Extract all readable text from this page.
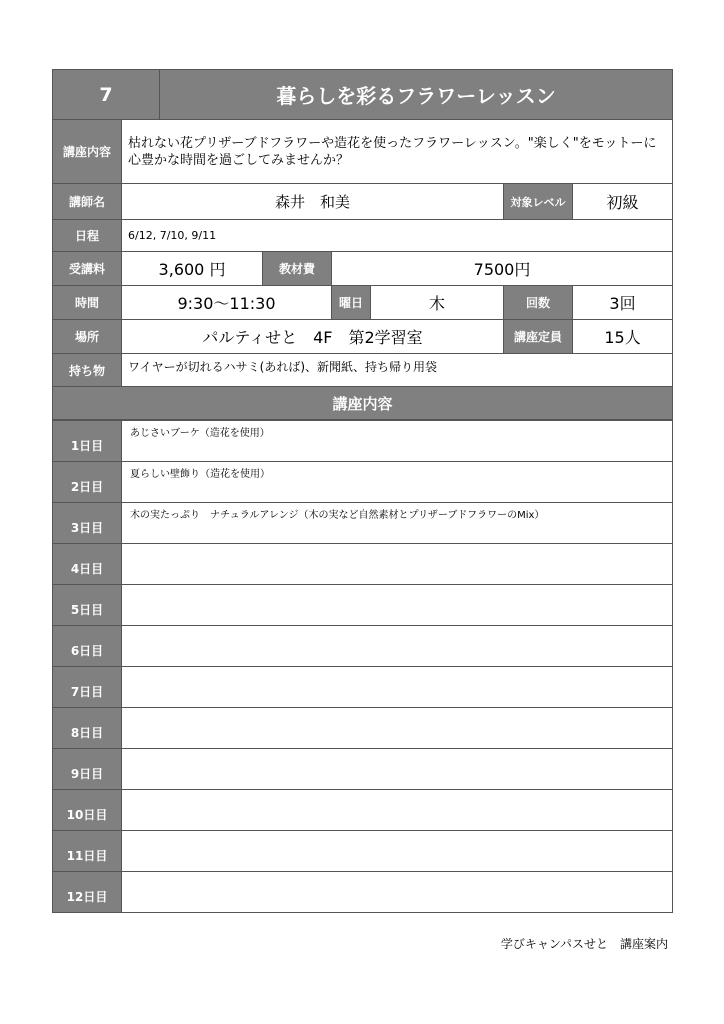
7		暮らしを彩るフラワーレッスン					
講座内容	枯れない花プリザーブドフラワーや造花を使ったフラワーレッスン。"楽しく"をモットーに心豊かな時間を過ごしてみませんか？						
講師名	森井　和美					対象レベル	初級
日程	6/12, 7/10, 9/11						
受講料	3,600 円		教材費	7500円			
時間	9:30〜11:30			曜日	木	回数	3回
場所	パルティせと　4F　第2学習室					講座定員	15人
持ち物	ワイヤーが切れるハサミ(あれば)、新聞紙、持ち帰り用袋						
講座内容							
1日目	あじさいブーケ（造花を使用）
2日目	夏らしい壁飾り（造花を使用）
3日目	木の実たっぷり　ナチュラルアレンジ（木の実など自然素材とプリザーブドフラワーのMix）
4日目	
5日目	
6日目	
7日目	
8日目	
9日目	
10日目	
11日目	
12日目	
学びキャンパスせと　講座案内
